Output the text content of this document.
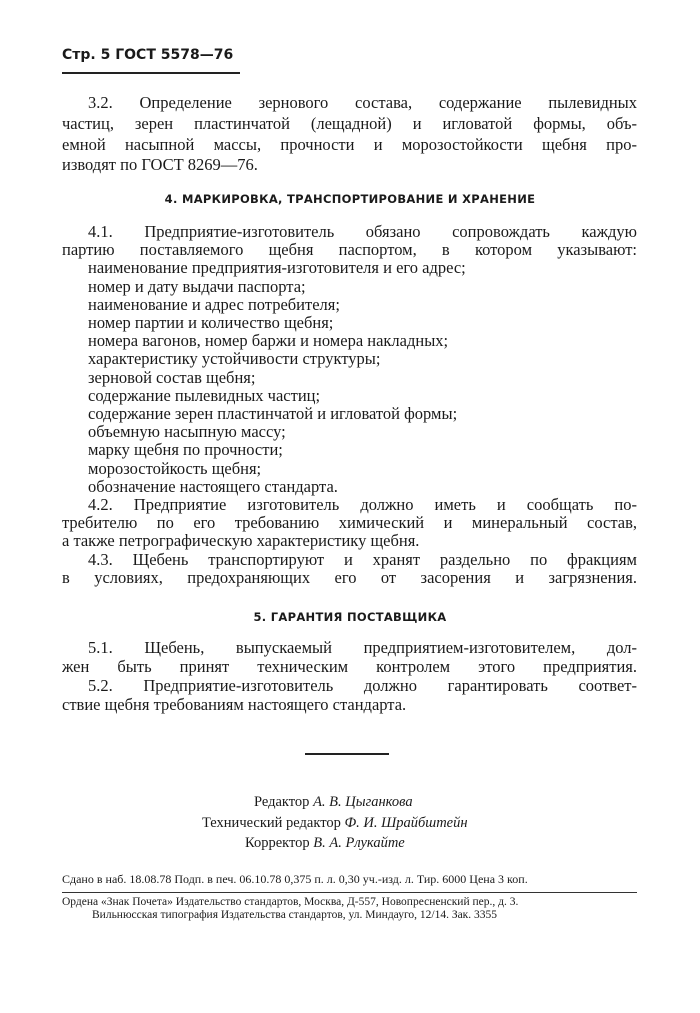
Стр. 5 ГОСТ 5578—76
3.2. Определение зернового состава, содержание пылевидных
частиц, зерен пластинчатой (лещадной) и игловатой формы, объ-
емной насыпной массы, прочности и морозостойкости щебня про-
изводят по ГОСТ 8269—76.
4. МАРКИРОВКА, ТРАНСПОРТИРОВАНИЕ И ХРАНЕНИЕ
4.1. Предприятие-изготовитель обязано сопровождать каждую
партию поставляемого щебня паспортом, в котором указывают:
наименование предприятия-изготовителя и его адрес;
номер и дату выдачи паспорта;
наименование и адрес потребителя;
номер партии и количество щебня;
номера вагонов, номер баржи и номера накладных;
характеристику устойчивости структуры;
зерновой состав щебня;
содержание пылевидных частиц;
содержание зерен пластинчатой и игловатой формы;
объемную насыпную массу;
марку щебня по прочности;
морозостойкость щебня;
обозначение настоящего стандарта.
4.2. Предприятие изготовитель должно иметь и сообщать по-
требителю по его требованию химический и минеральный состав,
а также петрографическую характеристику щебня.
4.3. Щебень транспортируют и хранят раздельно по фракциям
в условиях, предохраняющих его от засорения и загрязнения.
5. ГАРАНТИЯ ПОСТАВЩИКА
5.1. Щебень, выпускаемый предприятием-изготовителем, дол-
жен быть принят техническим контролем этого предприятия.
5.2. Предприятие-изготовитель должно гарантировать соответ-
ствие щебня требованиям настоящего стандарта.
Редактор А. В. Цыганкова
Технический редактор Ф. И. Шрайбштейн
Корректор В. А. Рлукайте
Сдано в наб. 18.08.78 Подп. в печ. 06.10.78 0,375 п. л. 0,30 уч.-изд. л. Тир. 6000 Цена 3 коп.
Ордена «Знак Почета» Издательство стандартов, Москва, Д-557, Новопресненский пер., д. 3.
Вильнюсская типография Издательства стандартов, ул. Миндауго, 12/14. Зак. 3355
